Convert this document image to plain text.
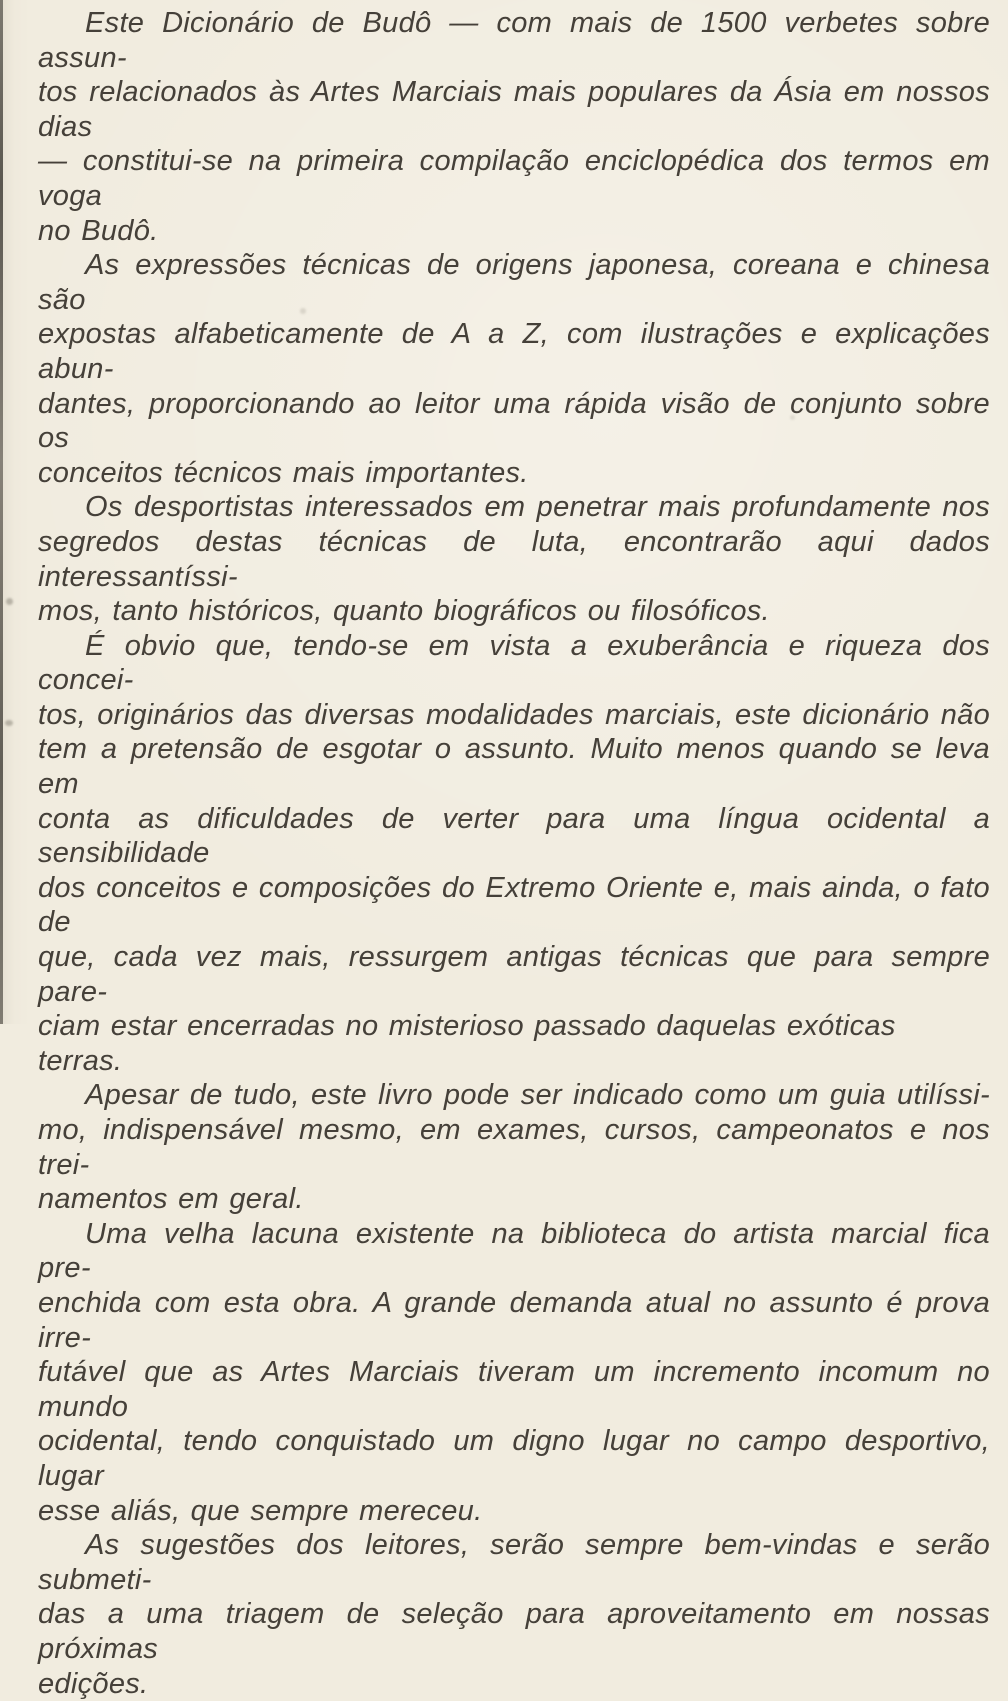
Este Dicionário de Budô — com mais de 1500 verbetes sobre assun-
tos relacionados às Artes Marciais mais populares da Ásia em nossos dias
— constitui-se na primeira compilação enciclopédica dos termos em voga
no Budô.

As expressões técnicas de origens japonesa, coreana e chinesa são
expostas alfabeticamente de A a Z, com ilustrações e explicações abun-
dantes, proporcionando ao leitor uma rápida visão de conjunto sobre os
conceitos técnicos mais importantes.

Os desportistas interessados em penetrar mais profundamente nos
segredos destas técnicas de luta, encontrarão aqui dados interessantíssi-
mos, tanto históricos, quanto biográficos ou filosóficos.

É obvio que, tendo-se em vista a exuberância e riqueza dos concei-
tos, originários das diversas modalidades marciais, este dicionário não
tem a pretensão de esgotar o assunto. Muito menos quando se leva em
conta as dificuldades de verter para uma língua ocidental a sensibilidade
dos conceitos e composições do Extremo Oriente e, mais ainda, o fato de
que, cada vez mais, ressurgem antigas técnicas que para sempre pare-
ciam estar encerradas no misterioso passado daquelas exóticas terras.

Apesar de tudo, este livro pode ser indicado como um guia utilíssi-
mo, indispensável mesmo, em exames, cursos, campeonatos e nos trei-
namentos em geral.

Uma velha lacuna existente na biblioteca do artista marcial fica pre-
enchida com esta obra. A grande demanda atual no assunto é prova irre-
futável que as Artes Marciais tiveram um incremento incomum no mundo
ocidental, tendo conquistado um digno lugar no campo desportivo, lugar
esse aliás, que sempre mereceu.

As sugestões dos leitores, serão sempre bem-vindas e serão submeti-
das a uma triagem de seleção para aproveitamento em nossas próximas
edições.
